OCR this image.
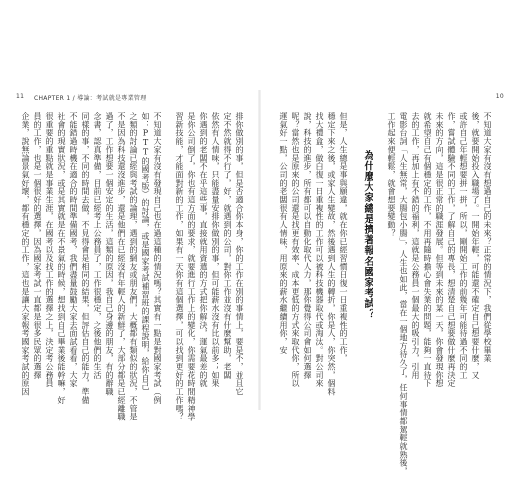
11 CHAPTER 1 / 導論：考試就是專業管理	10
不知道大家有沒有想過自己的未來？正常的情況下，我們從學校畢業
後，就要開始投入職場了。一開始年輕，可能還不確定自己想要什麼，又
或許自己年輕想要拼一拼，所以，剛開始工作的前幾年可能待過不同的工
作，嘗試體驗不同的工作，了解自己的專長，想清楚自己想要做什麼再決定
未來的方向，這是很正常的職涯發展。但等到未來的某一天，你會發現你想
就希望自己有個穩定的工作，不用再隨時擔心會失業的問題，能夠一直待下
去的工作，再加上有不錯的福利，這就是公務員一個最大的吸引力，引用
電影台詞「人生無常，大腸包小腸」，人生也如此，當在一個地方待久了，任何事情都駕輕就熟後，
工作起來便輕鬆，就會想要變動？
為什麼大家總是擠著報名國家考試？
但是，人生總是事與願違，就在你已經習慣日復一日重複性的工作，
穩定下來之後，或家人生變故，然後遇到人生的轉折，你是人，你突然，個料
找大禮盒，做白復一日重複性的工作可以被科技機器取代或淘汰。對公司來
說，科技的進步，所有都可以自動化取代人力，那你覺得公司會如何選擇
呢？當然也是原來的公司還是找更有效率、成本更低的方式來取代你，所以
運氣好一點，公司的老闆很有人情味，用原來的薪水繼續用你，安
排你做別的事，但是否適合你本身，你的工作在別的事情上，要是不，並且它
定不然就得不行了，好，就遇到的公司，對你工作並沒有什麼幫助，老闆
依然有人情味，只能盡量安排你做別的事，但可能薪水沒有比以前多；如果
你遇到的老闆不在乎這些事，直接就用資遣的方式把你解決，運氣最差的就
是你公司倒了，你也有這方面的要求，就要進行工作上的變化，你需要花時間精神學
習新技能，才能面對新的工作，如果有一天你有這個選擇，可以找到更好的工作嗎？
不知道大家有沒有發現自己也在過這種的情況嗎？其實有一點是對國家考試（例
如：PTT的國考版）的討論，或是國家考試補習班的課程說明，給你自己
之類的討論已經與考試的論理，遇到的網友或朋友們，大概都有類似的狀況，不管是
不是因為科技還沒進步，還是他們在已經沒有年輕人的新鮮了，大部分都是已經離職
過了，工作想要一個安定的生活，這類的原因，我自己身邊的朋友，有的辭職
念書，認真準備，目前已經考上公務員了，工作很穩定，之後他們的生活
同樣的事，不同的時間去做，不見得會是相同的結果，但評估自己的能力，準備
不能錯過時機在適合的時間準備國考，我們盡量鼓勵大家去面試看看，大家
社會的現實狀況，或是其實就是在不景氣的時候，想找到自己畢業後能幹嘛，好
很重要的重點就是事業生涯，在國考以及找工作的選擇之上，決定考公務員
員的工作，也是一個很好的選擇，因為國家考試一直都是很多民眾的選擇
企業，說無論景氣好壞，都有穩定的工作，這也是讓大家報考國家考試的原因
